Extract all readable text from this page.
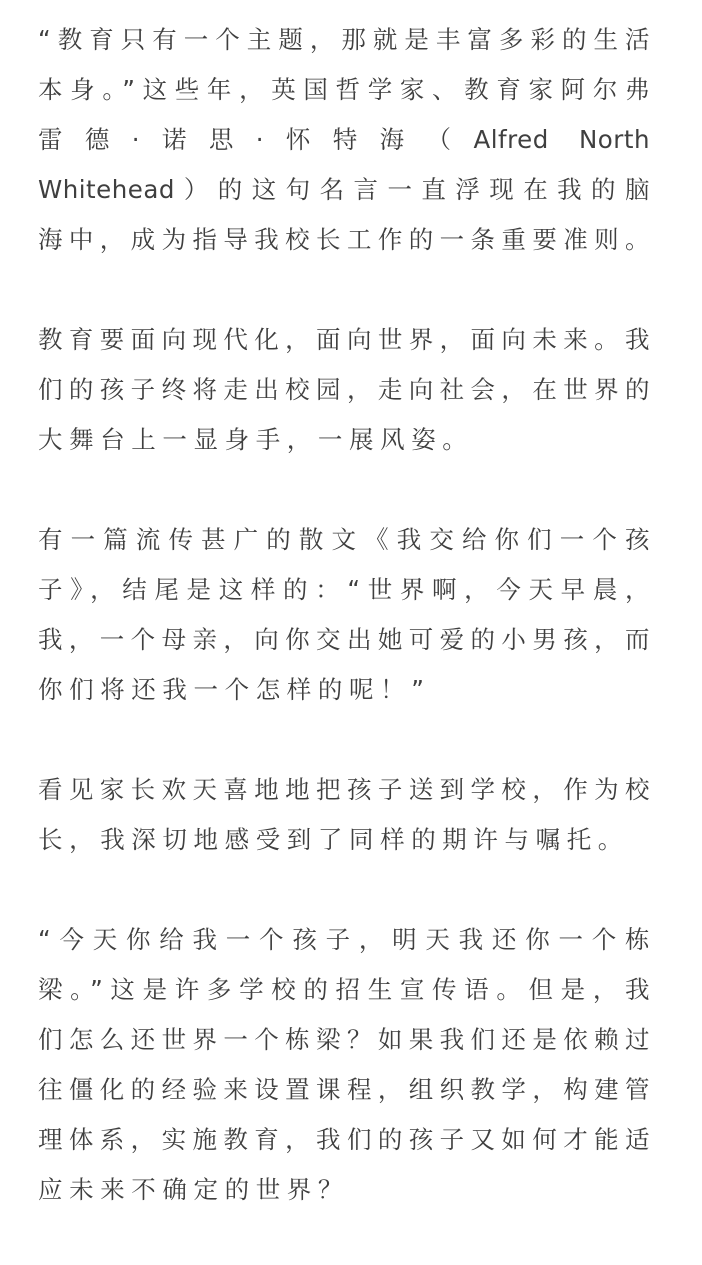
“教育只有一个主题，那就是丰富多彩的生活
本身。”这些年，英国哲学家、教育家阿尔弗
雷德·诺思·怀特海（Alfred North
Whitehead）的这句名言一直浮现在我的脑
海中，成为指导我校长工作的一条重要准则。
教育要面向现代化，面向世界，面向未来。我
们的孩子终将走出校园，走向社会，在世界的
大舞台上一显身手，一展风姿。
有一篇流传甚广的散文《我交给你们一个孩
子》，结尾是这样的：“世界啊，今天早晨，
我，一个母亲，向你交出她可爱的小男孩，而
你们将还我一个怎样的呢！”
看见家长欢天喜地地把孩子送到学校，作为校
长，我深切地感受到了同样的期许与嘱托。
“今天你给我一个孩子，明天我还你一个栋
梁。”这是许多学校的招生宣传语。但是，我
们怎么还世界一个栋梁？如果我们还是依赖过
往僵化的经验来设置课程，组织教学，构建管
理体系，实施教育，我们的孩子又如何才能适
应未来不确定的世界？
